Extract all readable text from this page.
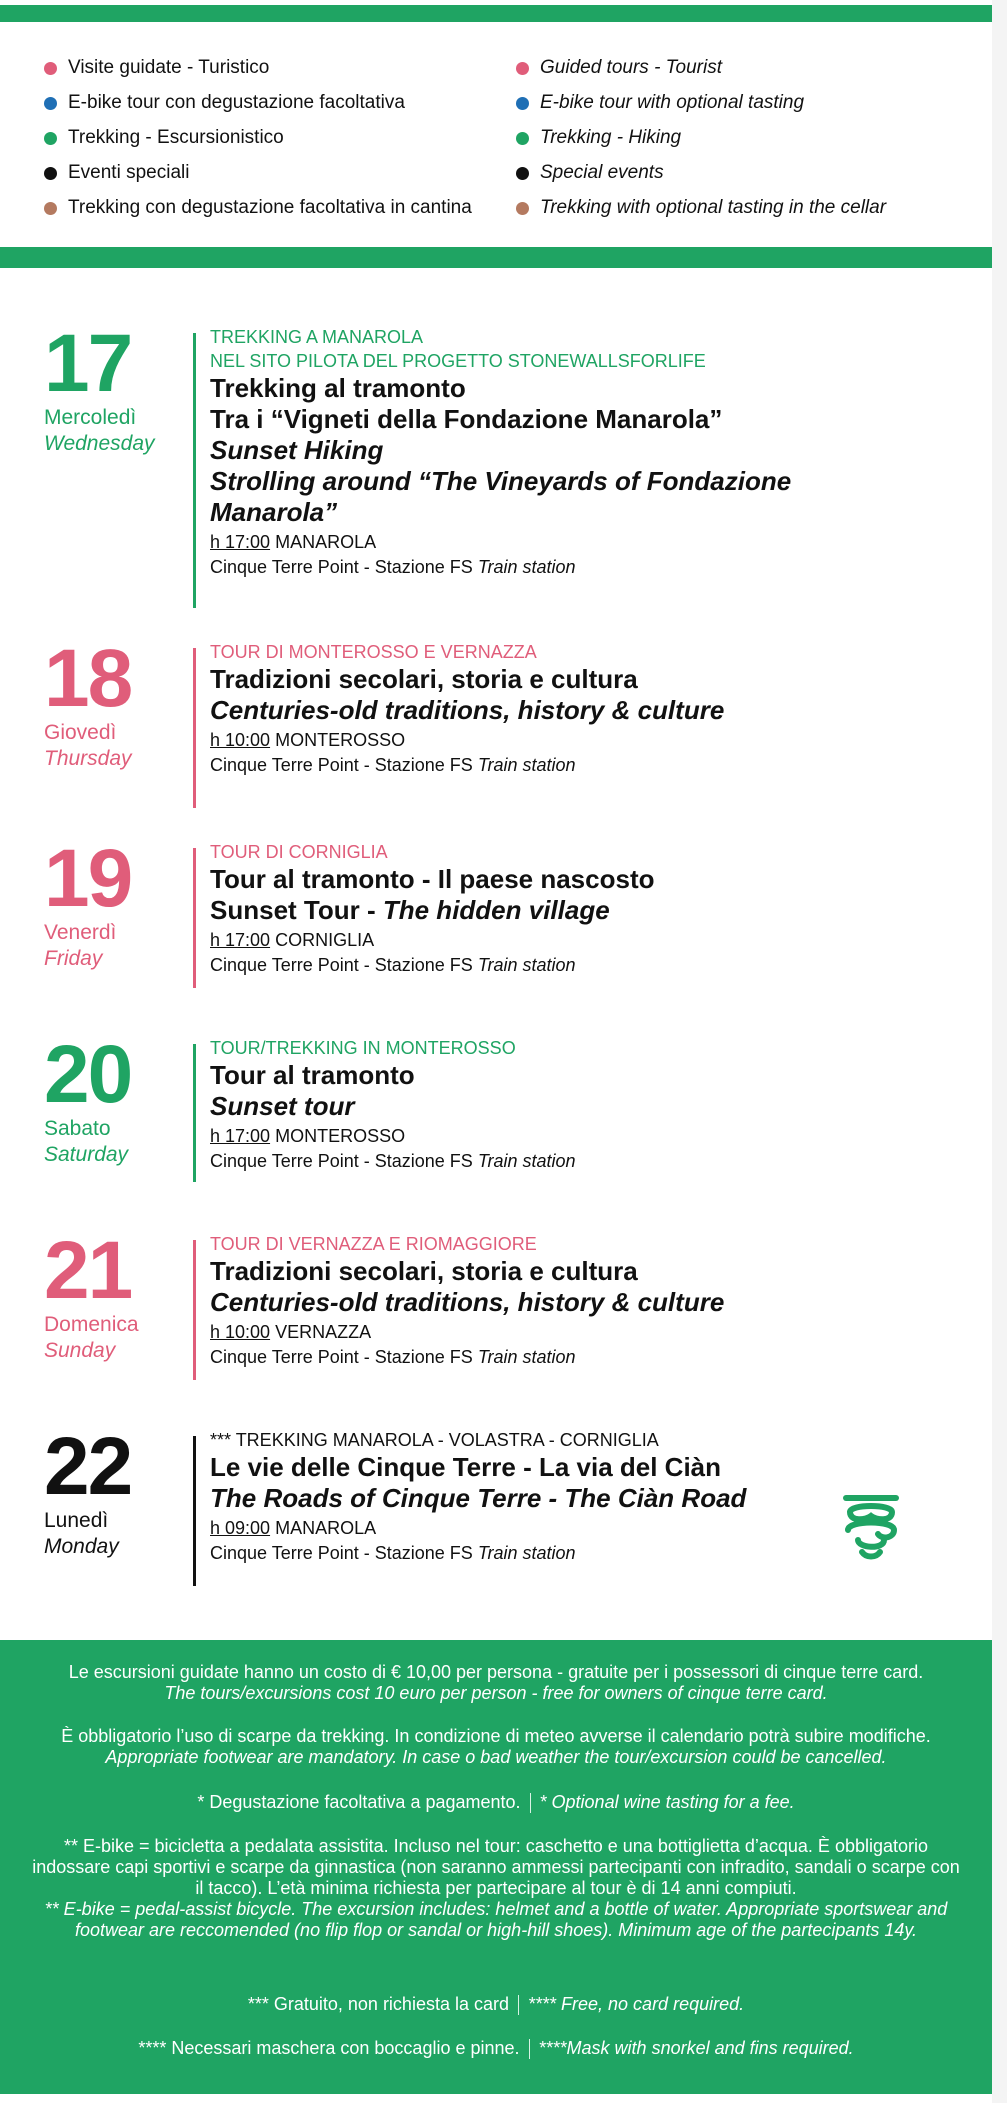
Visite guidate - Turistico	Guided tours - Tourist
E-bike tour con degustazione facoltativa	E-bike tour with optional tasting
Trekking - Escursionistico	Trekking - Hiking
Eventi speciali	Special events
Trekking con degustazione facoltativa in cantina	Trekking with optional tasting in the cellar
17
Mercoledì
Wednesday
TREKKING A MANAROLA
NEL SITO PILOTA DEL PROGETTO STONEWALLSFORLIFE
Trekking al tramonto
Tra i “Vigneti della Fondazione Manarola”
Sunset Hiking
Strolling around “The Vineyards of Fondazione
Manarola”
h 17:00 MANAROLA
Cinque Terre Point - Stazione FS Train station
18
Giovedì
Thursday
TOUR DI MONTEROSSO E VERNAZZA
Tradizioni secolari, storia e cultura
Centuries-old traditions, history & culture
h 10:00 MONTEROSSO
Cinque Terre Point - Stazione FS Train station
19
Venerdì
Friday
TOUR DI CORNIGLIA
Tour al tramonto - Il paese nascosto
Sunset Tour - The hidden village
h 17:00 CORNIGLIA
Cinque Terre Point - Stazione FS Train station
20
Sabato
Saturday
TOUR/TREKKING IN MONTEROSSO
Tour al tramonto
Sunset tour
h 17:00 MONTEROSSO
Cinque Terre Point - Stazione FS Train station
21
Domenica
Sunday
TOUR DI VERNAZZA E RIOMAGGIORE
Tradizioni secolari, storia e cultura
Centuries-old traditions, history & culture
h 10:00 VERNAZZA
Cinque Terre Point - Stazione FS Train station
22
Lunedì
Monday
*** TREKKING MANAROLA - VOLASTRA - CORNIGLIA
Le vie delle Cinque Terre - La via del Ciàn
The Roads of Cinque Terre - The Ciàn Road
h 09:00 MANAROLA
Cinque Terre Point - Stazione FS Train station
Le escursioni guidate hanno un costo di € 10,00 per persona - gratuite per i possessori di cinque terre card.
The tours/excursions cost 10 euro per person - free for owners of cinque terre card.
È obbligatorio l’uso di scarpe da trekking. In condizione di meteo avverse il calendario potrà subire modifiche.
Appropriate footwear are mandatory. In case o bad weather the tour/excursion could be cancelled.
* Degustazione facoltativa a pagamento. * Optional wine tasting for a fee.
** E-bike = bicicletta a pedalata assistita. Incluso nel tour: caschetto e una bottiglietta d’acqua. È obbligatorio indossare capi sportivi e scarpe da ginnastica (non saranno ammessi partecipanti con infradito, sandali o scarpe con il tacco). L’età minima richiesta per partecipare al tour è di 14 anni compiuti.
** E-bike = pedal-assist bicycle. The excursion includes: helmet and a bottle of water. Appropriate sportswear and footwear are reccomended (no flip flop or sandal or high-hill shoes). Minimum age of the partecipants 14y.
*** Gratuito, non richiesta la card **** Free, no card required.
**** Necessari maschera con boccaglio e pinne. ****Mask with snorkel and fins required.
